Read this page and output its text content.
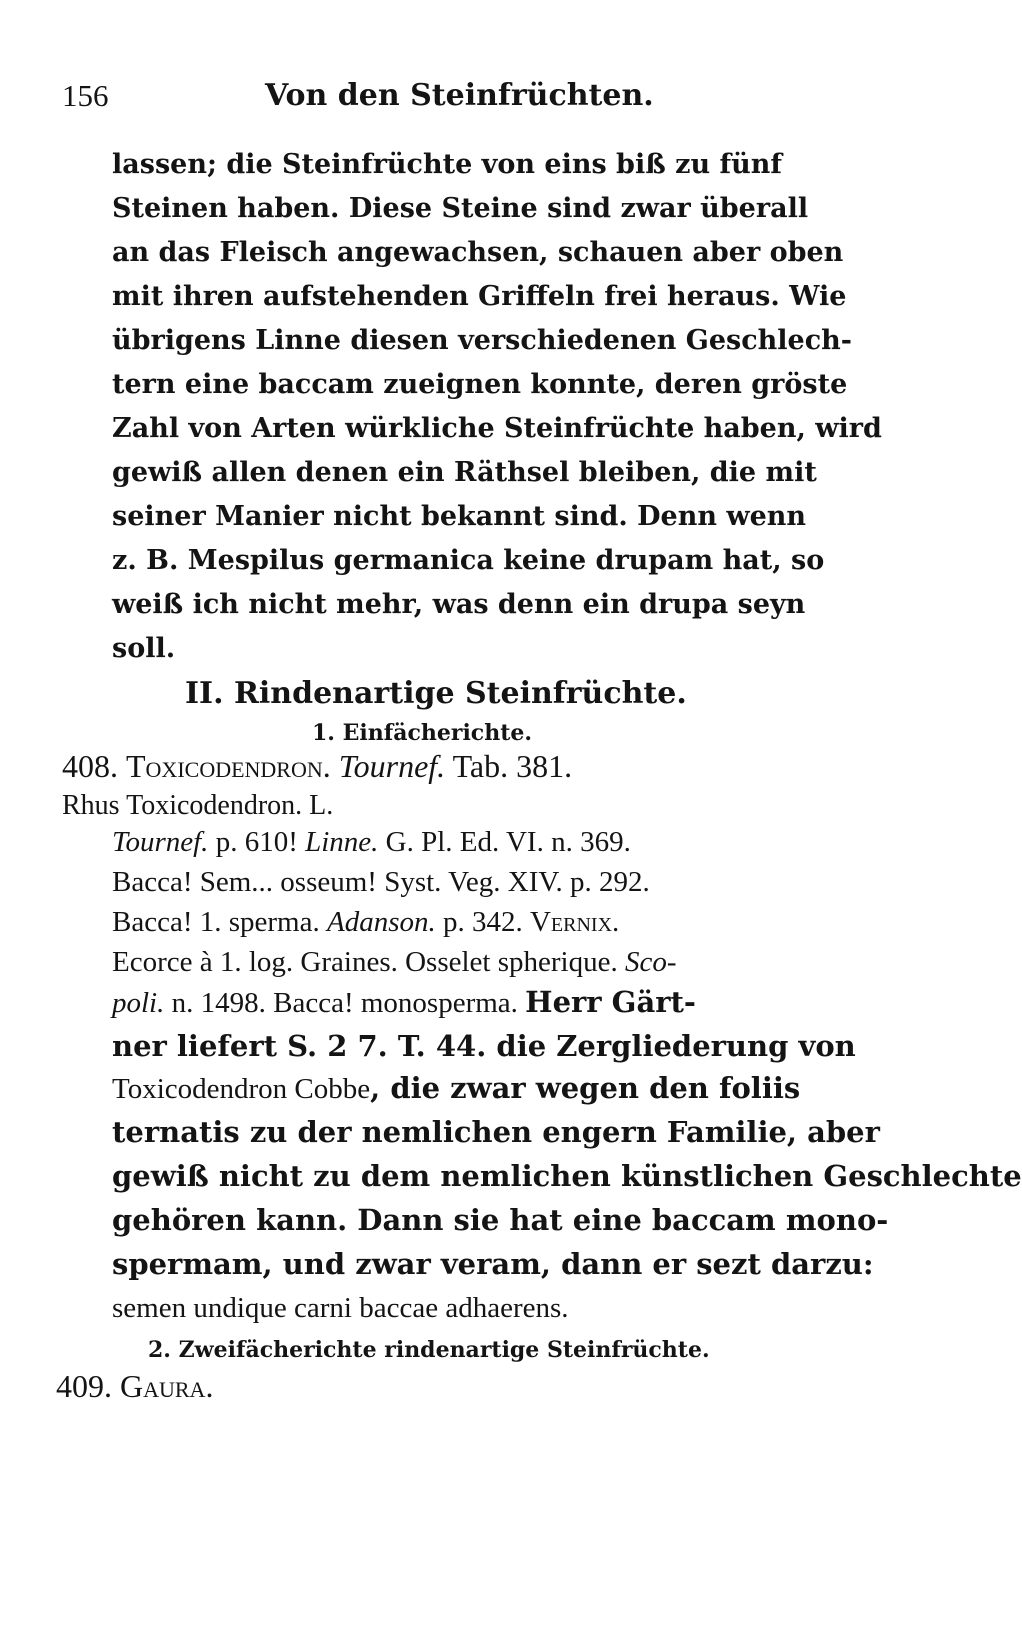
156	Von den Steinfrüchten.
lassen; die Steinfrüchte von eins biß zu fünf
Steinen haben. Diese Steine sind zwar überall
an das Fleisch angewachsen, schauen aber oben
mit ihren aufstehenden Griffeln frei heraus. Wie
übrigens Linne diesen verschiedenen Geschlech-
tern eine baccam zueignen konnte, deren gröste
Zahl von Arten würkliche Steinfrüchte haben, wird
gewiß allen denen ein Räthsel bleiben, die mit
seiner Manier nicht bekannt sind. Denn wenn
z. B. Mespilus germanica keine drupam hat, so
weiß ich nicht mehr, was denn ein drupa seyn
soll.
II. Rindenartige Steinfrüchte.
1. Einfächerichte.
408. Toxicodendron. Tournef. Tab. 381.
Rhus Toxicodendron. L.
Tournef. p. 610! Linne. G. Pl. Ed. VI. n. 369.
Bacca! Sem... osseum! Syst. Veg. XIV. p. 292.
Bacca! 1. sperma. Adanson. p. 342. Vernix.
Ecorce à 1. log. Graines. Osselet spherique. Sco-
poli. n. 1498. Bacca! monosperma. Herr Gärt-
ner liefert S. 2 7. T. 44. die Zergliederung von
Toxicodendron Cobbe, die zwar wegen den foliis
ternatis zu der nemlichen engern Familie, aber
gewiß nicht zu dem nemlichen künstlichen Geschlechte
gehören kann. Dann sie hat eine baccam mono-
spermam, und zwar veram, dann er sezt darzu:
semen undique carni baccae adhaerens.
2. Zweifächerichte rindenartige Steinfrüchte.
409. Gaura.
